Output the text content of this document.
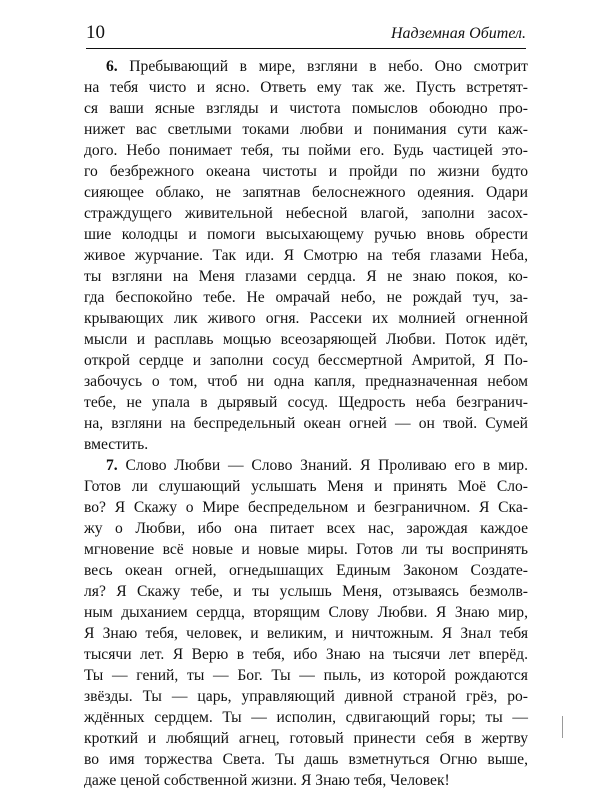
10	Надземная Обител.
6. Пребывающий в мире, взгляни в небо. Оно смотрит
на тебя чисто и ясно. Ответь ему так же. Пусть встретят-
ся ваши ясные взгляды и чистота помыслов обоюдно про-
нижет вас светлыми токами любви и понимания сути каж-
дого. Небо понимает тебя, ты пойми его. Будь частицей это-
го безбрежного океана чистоты и пройди по жизни будто
сияющее облако, не запятнав белоснежного одеяния. Одари
страждущего живительной небесной влагой, заполни засох-
шие колодцы и помоги высыхающему ручью вновь обрести
живое журчание. Так иди. Я Смотрю на тебя глазами Неба,
ты взгляни на Меня глазами сердца. Я не знаю покоя, ко-
гда беспокойно тебе. Не омрачай небо, не рождай туч, за-
крывающих лик живого огня. Рассеки их молнией огненной
мысли и расплавь мощью всеозаряющей Любви. Поток идёт,
открой сердце и заполни сосуд бессмертной Амритой, Я По-
забочусь о том, чтоб ни одна капля, предназначенная небом
тебе, не упала в дырявый сосуд. Щедрость неба безгранич-
на, взгляни на беспредельный океан огней — он твой. Сумей
вместить.
7. Слово Любви — Слово Знаний. Я Проливаю его в мир.
Готов ли слушающий услышать Меня и принять Моё Сло-
во? Я Скажу о Мире беспредельном и безграничном. Я Ска-
жу о Любви, ибо она питает всех нас, зарождая каждое
мгновение всё новые и новые миры. Готов ли ты воспринять
весь океан огней, огнедышащих Единым Законом Создате-
ля? Я Скажу тебе, и ты услышь Меня, отзываясь безмолв-
ным дыханием сердца, вторящим Слову Любви. Я Знаю мир,
Я Знаю тебя, человек, и великим, и ничтожным. Я Знал тебя
тысячи лет. Я Верю в тебя, ибо Знаю на тысячи лет вперёд.
Ты — гений, ты — Бог. Ты — пыль, из которой рождаются
звёзды. Ты — царь, управляющий дивной страной грёз, ро-
ждённых сердцем. Ты — исполин, сдвигающий горы; ты —
кроткий и любящий агнец, готовый принести себя в жертву
во имя торжества Света. Ты дашь взметнуться Огню выше,
даже ценой собственной жизни. Я Знаю тебя, Человек!
